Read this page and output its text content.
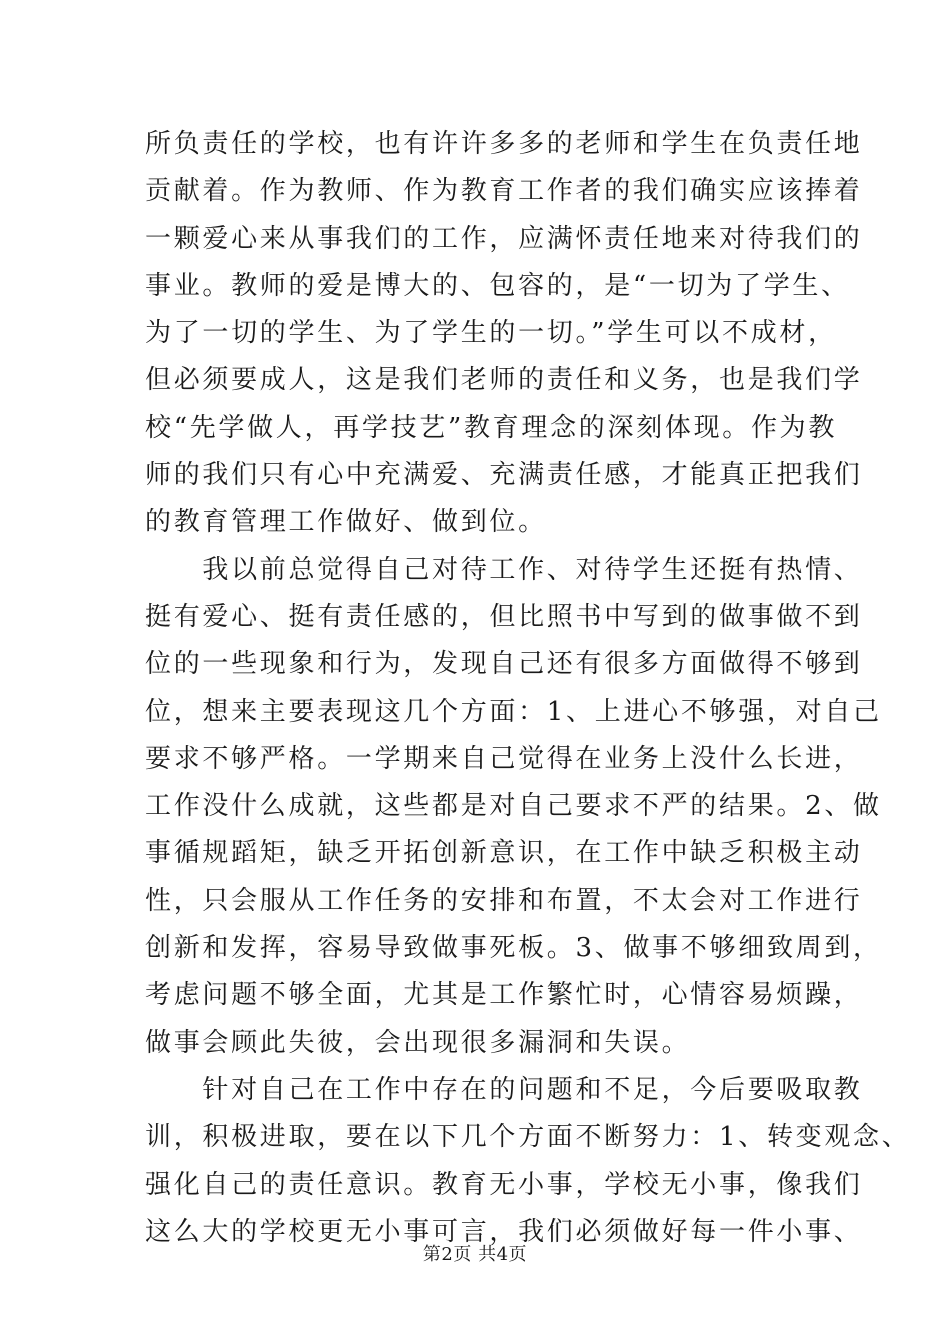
所负责任的学校，也有许许多多的老师和学生在负责任地
贡献着。作为教师、作为教育工作者的我们确实应该捧着
一颗爱心来从事我们的工作，应满怀责任地来对待我们的
事业。教师的爱是博大的、包容的，是“一切为了学生、
为了一切的学生、为了学生的一切。”学生可以不成材，
但必须要成人，这是我们老师的责任和义务，也是我们学
校“先学做人，再学技艺”教育理念的深刻体现。作为教
师的我们只有心中充满爱、充满责任感，才能真正把我们
的教育管理工作做好、做到位。
　　我以前总觉得自己对待工作、对待学生还挺有热情、
挺有爱心、挺有责任感的，但比照书中写到的做事做不到
位的一些现象和行为，发现自己还有很多方面做得不够到
位，想来主要表现这几个方面：1、上进心不够强，对自己
要求不够严格。一学期来自己觉得在业务上没什么长进，
工作没什么成就，这些都是对自己要求不严的结果。2、做
事循规蹈矩，缺乏开拓创新意识，在工作中缺乏积极主动
性，只会服从工作任务的安排和布置，不太会对工作进行
创新和发挥，容易导致做事死板。3、做事不够细致周到，
考虑问题不够全面，尤其是工作繁忙时，心情容易烦躁，
做事会顾此失彼，会出现很多漏洞和失误。
　　针对自己在工作中存在的问题和不足，今后要吸取教
训，积极进取，要在以下几个方面不断努力：1、转变观念、
强化自己的责任意识。教育无小事，学校无小事，像我们
这么大的学校更无小事可言，我们必须做好每一件小事、
第2页 共4页
